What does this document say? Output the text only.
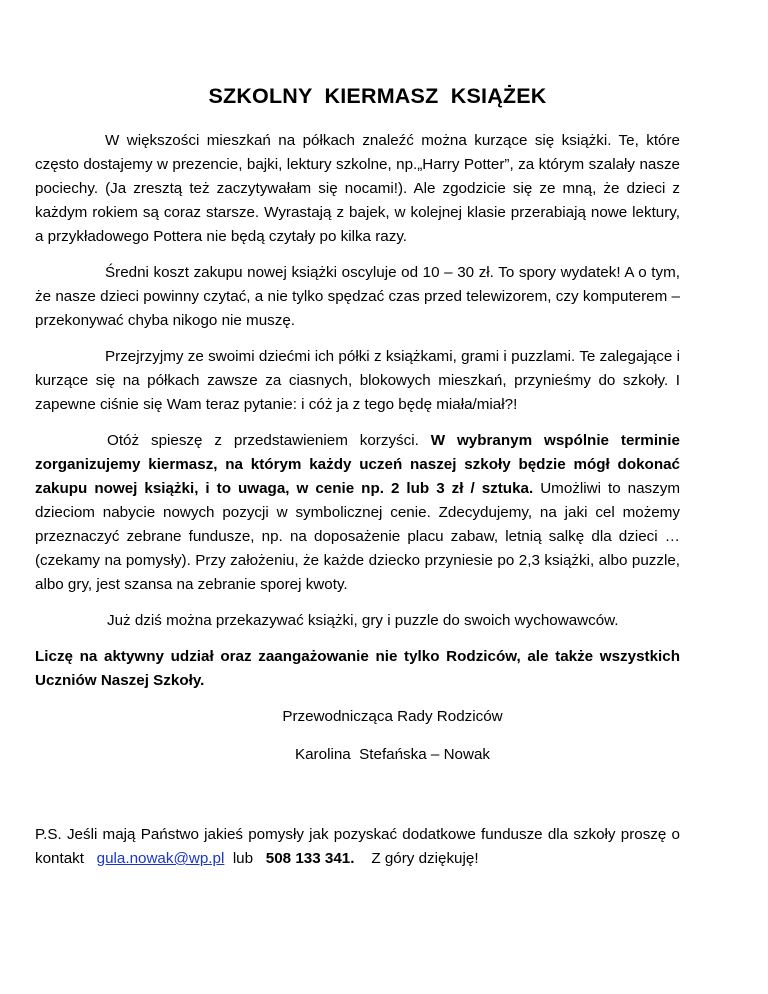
SZKOLNY  KIERMASZ  KSIĄŻEK

W większości mieszkań na półkach znaleźć można kurzące się książki. Te, które często dostajemy w prezencie, bajki, lektury szkolne, np.„Harry Potter”, za którym szalały nasze pociechy. (Ja zresztą też zaczytywałam się nocami!). Ale zgodzicie się ze mną, że dzieci z każdym rokiem są coraz starsze. Wyrastają z bajek, w kolejnej klasie przerabiają nowe lektury, a przykładowego Pottera nie będą czytały po kilka razy.

Średni koszt zakupu nowej książki oscyluje od 10 – 30 zł. To spory wydatek! A o tym, że nasze dzieci powinny czytać, a nie tylko spędzać czas przed telewizorem, czy komputerem – przekonywać chyba nikogo nie muszę.

Przejrzyjmy ze swoimi dziećmi ich półki z książkami, grami i puzzlami. Te zalegające i kurzące się na półkach zawsze za ciasnych, blokowych mieszkań, przynieśmy do szkoły. I zapewne ciśnie się Wam teraz pytanie: i cóż ja z tego będę miała/miał?!

Otóż spieszę z przedstawieniem korzyści. W wybranym wspólnie terminie zorganizujemy kiermasz, na którym każdy uczeń naszej szkoły będzie mógł dokonać zakupu nowej książki, i to uwaga, w cenie np. 2 lub 3 zł / sztuka. Umożliwi to naszym dzieciom nabycie nowych pozycji w symbolicznej cenie. Zdecydujemy, na jaki cel możemy przeznaczyć zebrane fundusze, np. na doposażenie placu zabaw, letnią salkę dla dzieci … (czekamy na pomysły). Przy założeniu, że każde dziecko przyniesie po 2,3 książki, albo puzzle, albo gry, jest szansa na zebranie sporej kwoty.

Już dziś można przekazywać książki, gry i puzzle do swoich wychowawców.

Liczę na aktywny udział oraz zaangażowanie nie tylko Rodziców, ale także wszystkich Uczniów Naszej Szkoły.

Przewodnicząca Rady Rodziców

Karolina  Stefańska – Nowak

P.S. Jeśli mają Państwo jakieś pomysły jak pozyskać dodatkowe fundusze dla szkoły proszę o kontakt gula.nowak@wp.pl lub 508 133 341. Z góry dziękuję!
